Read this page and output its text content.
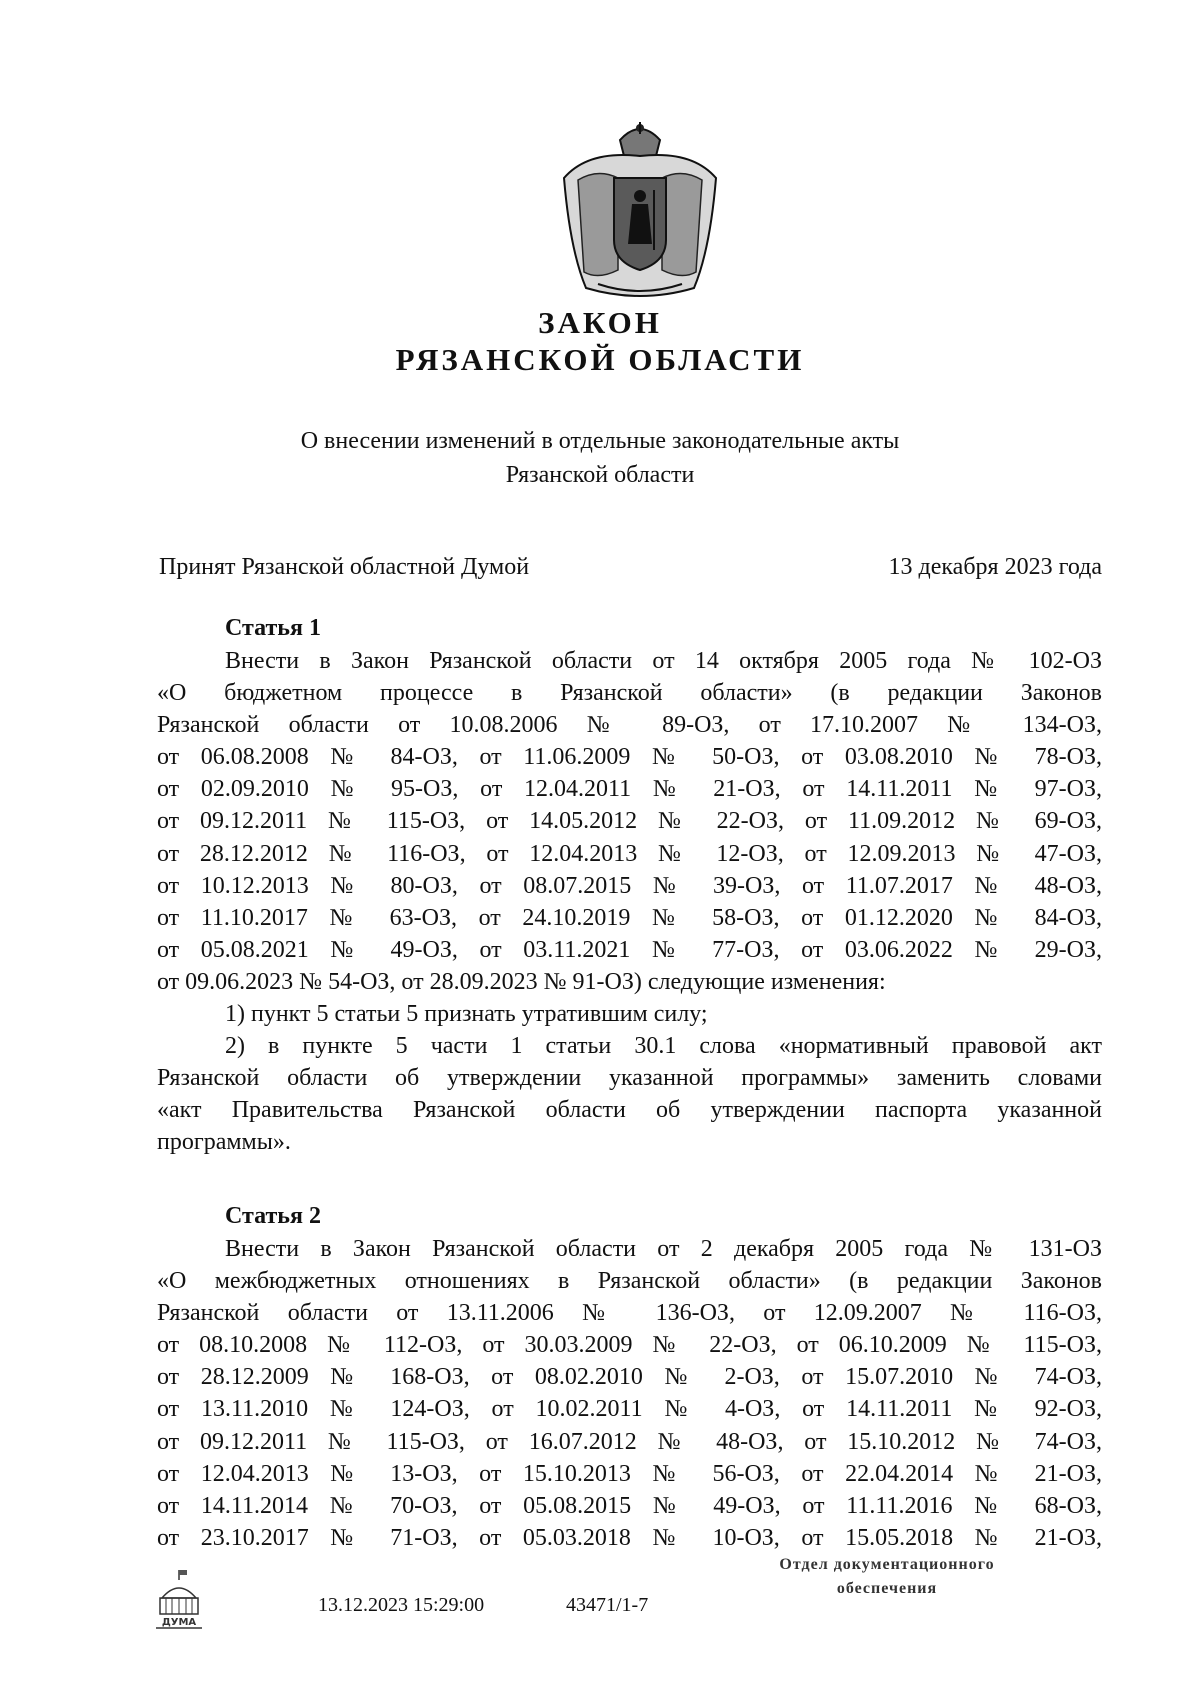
ЗАКОН
РЯЗАНСКОЙ ОБЛАСТИ
О внесении изменений в отдельные законодательные акты
Рязанской области
Принят Рязанской областной Думой	13 декабря 2023 года
Статья 1
Внести в Закон Рязанской области от 14 октября 2005 года № 102-ОЗ
«О бюджетном процессе в Рязанской области» (в редакции Законов
Рязанской области от 10.08.2006 № 89-ОЗ, от 17.10.2007 № 134-ОЗ,
от 06.08.2008 № 84-ОЗ, от 11.06.2009 № 50-ОЗ, от 03.08.2010 № 78-ОЗ,
от 02.09.2010 № 95-ОЗ, от 12.04.2011 № 21-ОЗ, от 14.11.2011 № 97-ОЗ,
от 09.12.2011 № 115-ОЗ, от 14.05.2012 № 22-ОЗ, от 11.09.2012 № 69-ОЗ,
от 28.12.2012 № 116-ОЗ, от 12.04.2013 № 12-ОЗ, от 12.09.2013 № 47-ОЗ,
от 10.12.2013 № 80-ОЗ, от 08.07.2015 № 39-ОЗ, от 11.07.2017 № 48-ОЗ,
от 11.10.2017 № 63-ОЗ, от 24.10.2019 № 58-ОЗ, от 01.12.2020 № 84-ОЗ,
от 05.08.2021 № 49-ОЗ, от 03.11.2021 № 77-ОЗ, от 03.06.2022 № 29-ОЗ,
от 09.06.2023 № 54-ОЗ, от 28.09.2023 № 91-ОЗ) следующие изменения:
1) пункт 5 статьи 5 признать утратившим силу;
2) в пункте 5 части 1 статьи 30.1 слова «нормативный правовой акт
Рязанской области об утверждении указанной программы» заменить словами
«акт Правительства Рязанской области об утверждении паспорта указанной
программы».
Статья 2
Внести в Закон Рязанской области от 2 декабря 2005 года № 131-ОЗ
«О межбюджетных отношениях в Рязанской области» (в редакции Законов
Рязанской области от 13.11.2006 № 136-ОЗ, от 12.09.2007 № 116-ОЗ,
от 08.10.2008 № 112-ОЗ, от 30.03.2009 № 22-ОЗ, от 06.10.2009 № 115-ОЗ,
от 28.12.2009 № 168-ОЗ, от 08.02.2010 № 2-ОЗ, от 15.07.2010 № 74-ОЗ,
от 13.11.2010 № 124-ОЗ, от 10.02.2011 № 4-ОЗ, от 14.11.2011 № 92-ОЗ,
от 09.12.2011 № 115-ОЗ, от 16.07.2012 № 48-ОЗ, от 15.10.2012 № 74-ОЗ,
от 12.04.2013 № 13-ОЗ, от 15.10.2013 № 56-ОЗ, от 22.04.2014 № 21-ОЗ,
от 14.11.2014 № 70-ОЗ, от 05.08.2015 № 49-ОЗ, от 11.11.2016 № 68-ОЗ,
от 23.10.2017 № 71-ОЗ, от 05.03.2018 № 10-ОЗ, от 15.05.2018 № 21-ОЗ,
ДУМА
13.12.2023 15:29:00	43471/1-7
Отдел документационного
обеспечения
